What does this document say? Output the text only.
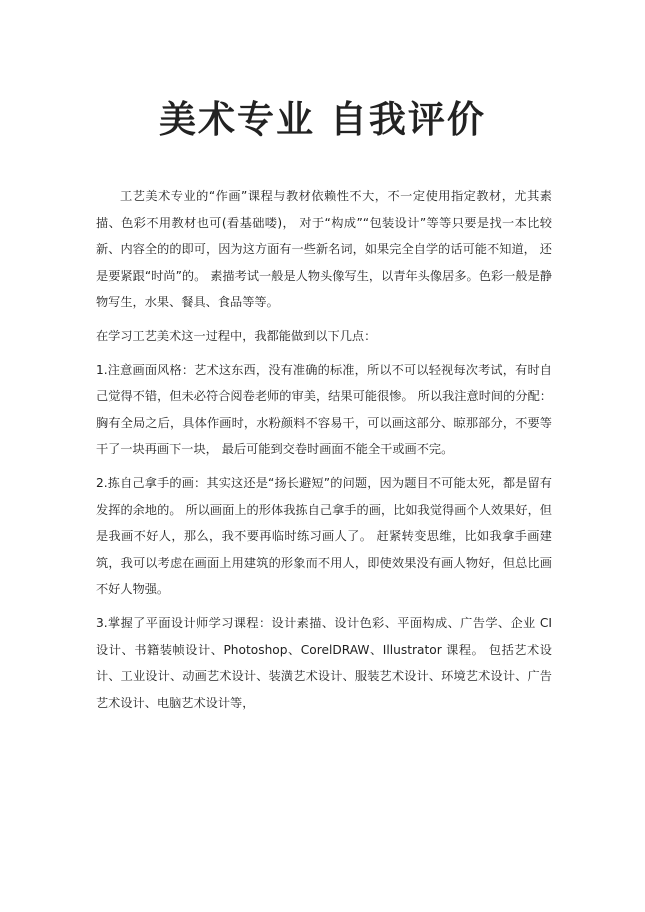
美术专业 自我评价

工艺美术专业的“作画”课程与教材依赖性不大，不一定使用指定教材，尤其素描、色彩不用教材也可(看基础喽)， 对于“构成”“包装设计”等等只要是找一本比较新、内容全的的即可，因为这方面有一些新名词，如果完全自学的话可能不知道， 还是要紧跟“时尚”的。 素描考试一般是人物头像写生，以青年头像居多。色彩一般是静物写生，水果、餐具、食品等等。

在学习工艺美术这一过程中，我都能做到以下几点：

1.注意画面风格：艺术这东西，没有准确的标准，所以不可以轻视每次考试，有时自己觉得不错，但未必符合阅卷老师的审美，结果可能很惨。 所以我注意时间的分配：胸有全局之后，具体作画时，水粉颜料不容易干，可以画这部分、晾那部分，不要等干了一块再画下一块， 最后可能到交卷时画面不能全干或画不完。

2.拣自己拿手的画：其实这还是“扬长避短”的问题，因为题目不可能太死，都是留有发挥的余地的。 所以画面上的形体我拣自己拿手的画，比如我觉得画个人效果好，但是我画不好人，那么，我不要再临时练习画人了。 赶紧转变思维，比如我拿手画建筑，我可以考虑在画面上用建筑的形象而不用人，即使效果没有画人物好，但总比画不好人物强。

3.掌握了平面设计师学习课程：设计素描、设计色彩、平面构成、广告学、企业 CI 设计、书籍装帧设计、Photoshop、CorelDRAW、Illustrator 课程。 包括艺术设计、工业设计、动画艺术设计、装潢艺术设计、服装艺术设计、环境艺术设计、广告艺术设计、电脑艺术设计等，
